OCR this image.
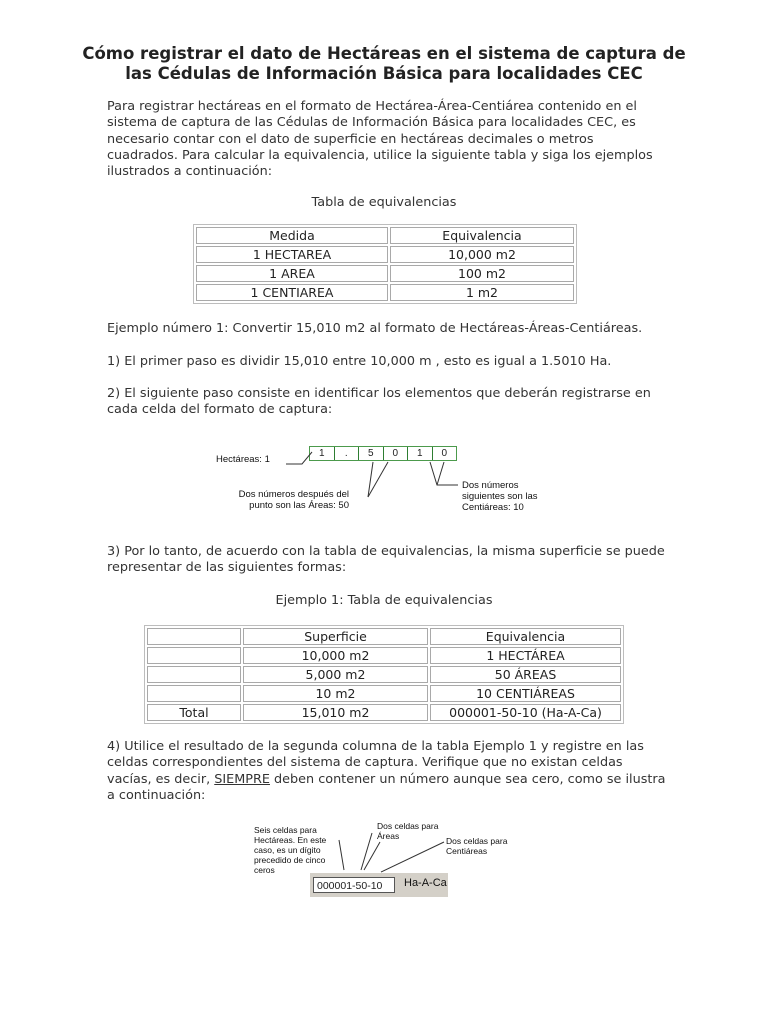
Cómo registrar el dato de Hectáreas en el sistema de captura de
las Cédulas de Información Básica para localidades CEC
Para registrar hectáreas en el formato de Hectárea-Área-Centiárea contenido en el sistema de captura de las Cédulas de Información Básica para localidades CEC, es necesario contar con el dato de superficie en hectáreas decimales o metros cuadrados. Para calcular la equivalencia, utilice la siguiente tabla y siga los ejemplos ilustrados a continuación:
Tabla de equivalencias
Medida	Equivalencia
1 HECTAREA	10,000 m2
1 AREA	100 m2
1 CENTIAREA	1 m2
Ejemplo número 1: Convertir 15,010 m2 al formato de Hectáreas-Áreas-Centiáreas.
1) El primer paso es dividir 15,010 entre 10,000 m , esto es igual a 1.5010 Ha.
2) El siguiente paso consiste en identificar los elementos que deberán registrarse en cada celda del formato de captura:
Hectáreas: 1
1	.	5	0	1	0
Dos números después del
punto son las Áreas: 50
Dos números
siguientes son las
Centiáreas: 10
3) Por lo tanto, de acuerdo con la tabla de equivalencias, la misma superficie se puede representar de las siguientes formas:
Ejemplo 1: Tabla de equivalencias
	Superficie	Equivalencia
	10,000 m2	1 HECTÁREA
	5,000 m2	50 ÁREAS
	10 m2	10 CENTIÁREAS
Total	15,010 m2	000001-50-10 (Ha-A-Ca)
4) Utilice el resultado de la segunda columna de la tabla Ejemplo 1 y registre en las celdas correspondientes del sistema de captura. Verifique que no existan celdas vacías, es decir, SIEMPRE deben contener un número aunque sea cero, como se ilustra a continuación:
Seis celdas para
Hectáreas. En este
caso, es un dígito
precedido de cinco
ceros
Dos celdas para
Áreas	Dos celdas para
Centiáreas
000001-50-10	Ha-A-Ca
